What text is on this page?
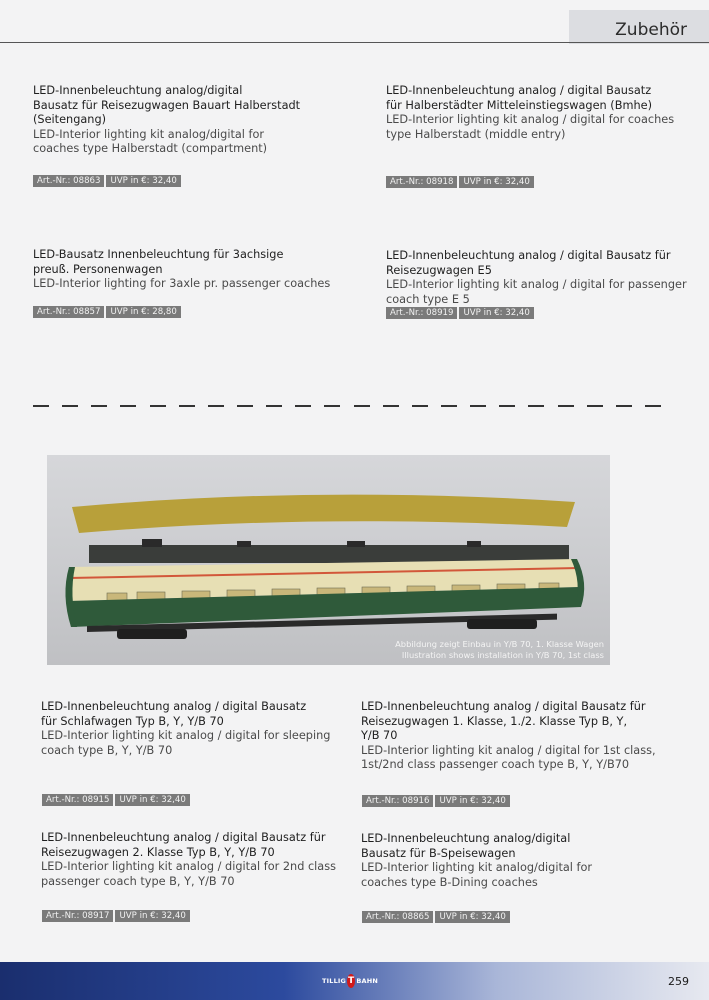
Zubehör
LED-Innenbeleuchtung analog/digital
Bausatz für Reisezugwagen Bauart Halberstadt
(Seitengang)
LED-Interior lighting kit analog/digital for
coaches type Halberstadt (compartment)
Art.-Nr.: 08863	UVP in €: 32,40
LED-Innenbeleuchtung analog / digital Bausatz
für Halberstädter Mitteleinstiegswagen (Bmhe)
LED-Interior lighting kit analog / digital for coaches
type Halberstadt (middle entry)
Art.-Nr.: 08918	UVP in €: 32,40
LED-Bausatz Innenbeleuchtung für 3achsige
preuß. Personenwagen
LED-Interior lighting for 3axle pr. passenger coaches
Art.-Nr.: 08857	UVP in €: 28,80
LED-Innenbeleuchtung analog / digital Bausatz für
Reisezugwagen E5
LED-Interior lighting kit analog / digital for passenger
coach type E 5
Art.-Nr.: 08919	UVP in €: 32,40
Abbildung zeigt Einbau in Y/B 70, 1. Klasse Wagen
Illustration shows installation in Y/B 70, 1st class
LED-Innenbeleuchtung analog / digital Bausatz
für Schlafwagen Typ B, Y, Y/B 70
LED-Interior lighting kit analog / digital for sleeping
coach type B, Y, Y/B 70
Art.-Nr.: 08915	UVP in €: 32,40
LED-Innenbeleuchtung analog / digital Bausatz für
Reisezugwagen 1. Klasse, 1./2. Klasse Typ B, Y,
Y/B 70
LED-Interior lighting kit analog / digital for 1st class,
1st/2nd class passenger coach type B, Y, Y/B70
Art.-Nr.: 08916	UVP in €: 32,40
LED-Innenbeleuchtung analog / digital Bausatz für
Reisezugwagen 2. Klasse Typ B, Y, Y/B 70
LED-Interior lighting kit analog / digital for 2nd class
passenger coach type B, Y, Y/B 70
Art.-Nr.: 08917	UVP in €: 32,40
LED-Innenbeleuchtung analog/digital
Bausatz für B-Speisewagen
LED-Interior lighting kit analog/digital for
coaches type B-Dining coaches
Art.-Nr.: 08865	UVP in €: 32,40
TILLIG T BAHN	259
